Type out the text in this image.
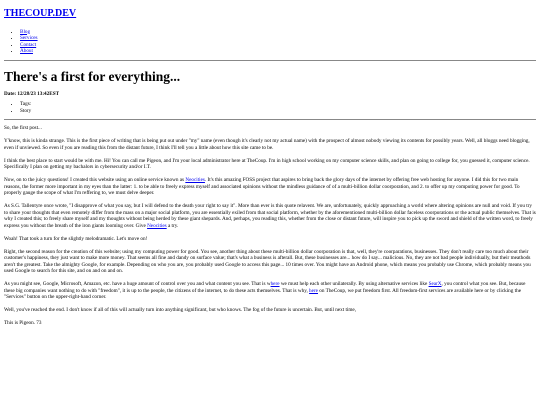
THECOUP.DEV
• Blog
• Services
• Contact
• About
There's a first for everything...
Date: 12/28/23 13:42EST
• Tags:
• Story

So, the first post...

Y'know, this is kinda strange. This is the first piece of writing that is being put out under "my" name (even though it's clearly not my actual name) with the prospect of almost nobody viewing its contents for possibly years. Well, all bloggs need blogging, even if unviewed. So even if you are reading this from the distant future, I think I'll tell you a little about how this site came to be.

I think the best place to start would be with me. Hi! You can call me Pigeon, and I'm your local administrator here at TheCoup. I'm in high school working on my computer science skills, and plan on going to college for, you guessed it, computer science. Specifically I plan on getting my bachalors in cybersecurity and/or I.T.

Now, on to the juicy questions! I created this website using an online service known as Neocities. It's this amazing FOSS project that aspires to bring back the glory days of the internet by offering free web hosting for anyone. I did this for two main reasons, the former more important in my eyes than the latter: 1. to be able to freely express myself and associated opinions without the mindless guidance of of a multi-billion dollar coorporation, and 2. to offer up my computing power for good. To properly gauge the scope of what I'm reffering to, we must delve deeper.

As S.G. Tallentyre once wrote, "I disapprove of what you say, but I will defend to the death your right to say it". More than ever is this quote relavent. We are, unfortunately, quickly approaching a world where altering opinions are null and void. If you try to share your thoughts that even remotely differ from the mass on a major social platform, you are essentially exiled from that social platform, whether by the aforementioned multi-billion dollar faceless coorporations or the actual public themselves. That is why I created this; to freely share myself and my thoughts without being herded by these giant shepards. And, perhaps, you reading this, whether from the close or distant future, will inspire you to pick up the sword and shield of the written word, to freely express you without the breath of the iron giants looming over. Give Neocities a try.

Woah! That took a turn for the slightly melodramatic. Let's move on!

Right, the second reason for the creation of this website; using my computing power for good. You see, another thing about these multi-billion dollar coorporation is that, well, they're coorparations, businesses. They don't really care too much about their customer's happiness, they just want to make more money. That seems all fine and dandy on surface value; that's what a business is afterall. But, these businesses are... how do I say... malicious. No, they are not bad people individually, but their meathods aren't the greatest. Take the almighty Google, for example. Depending on who you are, you probably used Google to access this page... 10 times over. You might have an Android phone, which means you probably use Chrome, which probably means you used Google to search for this site, and on and on and on.

As you might see, Google, Microsoft, Amazon, etc. have a huge amount of control over you and what content you see. That is where we must help each other unilaterally. By using alternative services like SearX, you control what you see. But, because these big companies want nothing to do with "freedom", it is up to the people, the citizens of the internet, to do these acts themselves. That is why, here on TheCoup, we put freedom first. All freedom-first services are available here or by clicking the "Services" button on the upper-right-hand corner.

Well, you've reached the end. I don't know if all of this will actually turn into anything significant, but who knows. The fog of the future is uncertain. But, until next time,

This is Pigeon. 73
